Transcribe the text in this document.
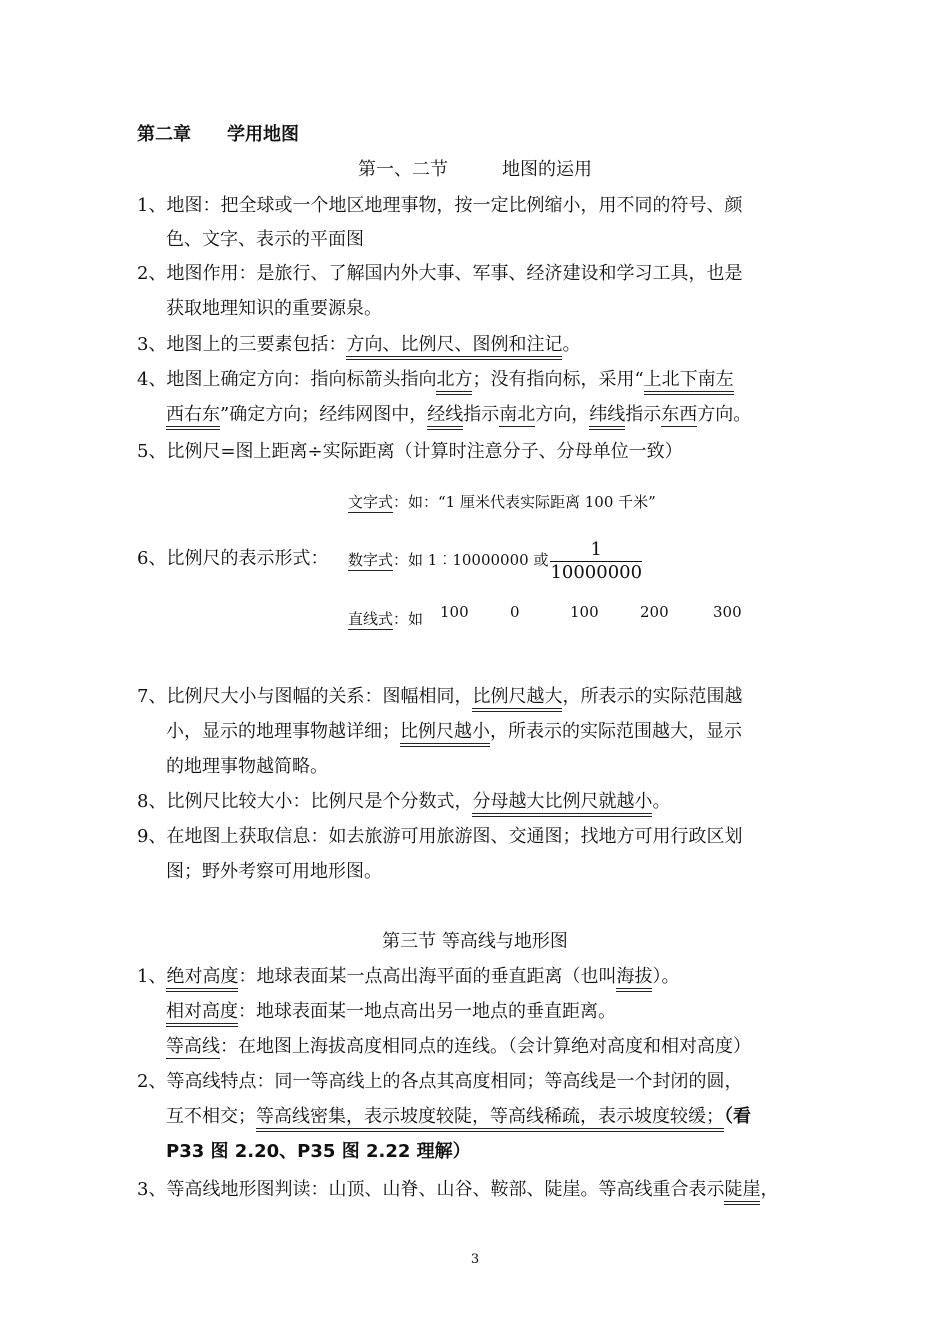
第二章　　学用地图
第一、二节　　　地图的运用
1、地图：把全球或一个地区地理事物，按一定比例缩小，用不同的符号、颜
色、文字、表示的平面图
2、地图作用：是旅行、了解国内外大事、军事、经济建设和学习工具，也是
获取地理知识的重要源泉。
3、地图上的三要素包括：方向、比例尺、图例和注记。
4、地图上确定方向：指向标箭头指向北方；没有指向标，采用“上北下南左
西右东”确定方向；经纬网图中，经线指示南北方向，纬线指示东西方向。
5、比例尺=图上距离÷实际距离（计算时注意分子、分母单位一致）
文字式：如：“1 厘米代表实际距离 100 千米”
6、比例尺的表示形式： 数字式：如 1︰10000000 或 $\frac{1}{10000000}$
直线式：如 100	0	100	200	300
7、比例尺大小与图幅的关系：图幅相同，比例尺越大，所表示的实际范围越
小，显示的地理事物越详细；比例尺越小，所表示的实际范围越大，显示
的地理事物越简略。
8、比例尺比较大小：比例尺是个分数式，分母越大比例尺就越小。
9、在地图上获取信息：如去旅游可用旅游图、交通图；找地方可用行政区划
图；野外考察可用地形图。
第三节 等高线与地形图
1、绝对高度：地球表面某一点高出海平面的垂直距离（也叫海拔）。
相对高度：地球表面某一地点高出另一地点的垂直距离。
等高线：在地图上海拔高度相同点的连线。（会计算绝对高度和相对高度）
2、等高线特点：同一等高线上的各点其高度相同；等高线是一个封闭的圆，
互不相交；等高线密集，表示坡度较陡，等高线稀疏，表示坡度较缓；（看
P33 图 2.20、P35 图 2.22 理解）
3、等高线地形图判读：山顶、山脊、山谷、鞍部、陡崖。等高线重合表示陡崖，
3
